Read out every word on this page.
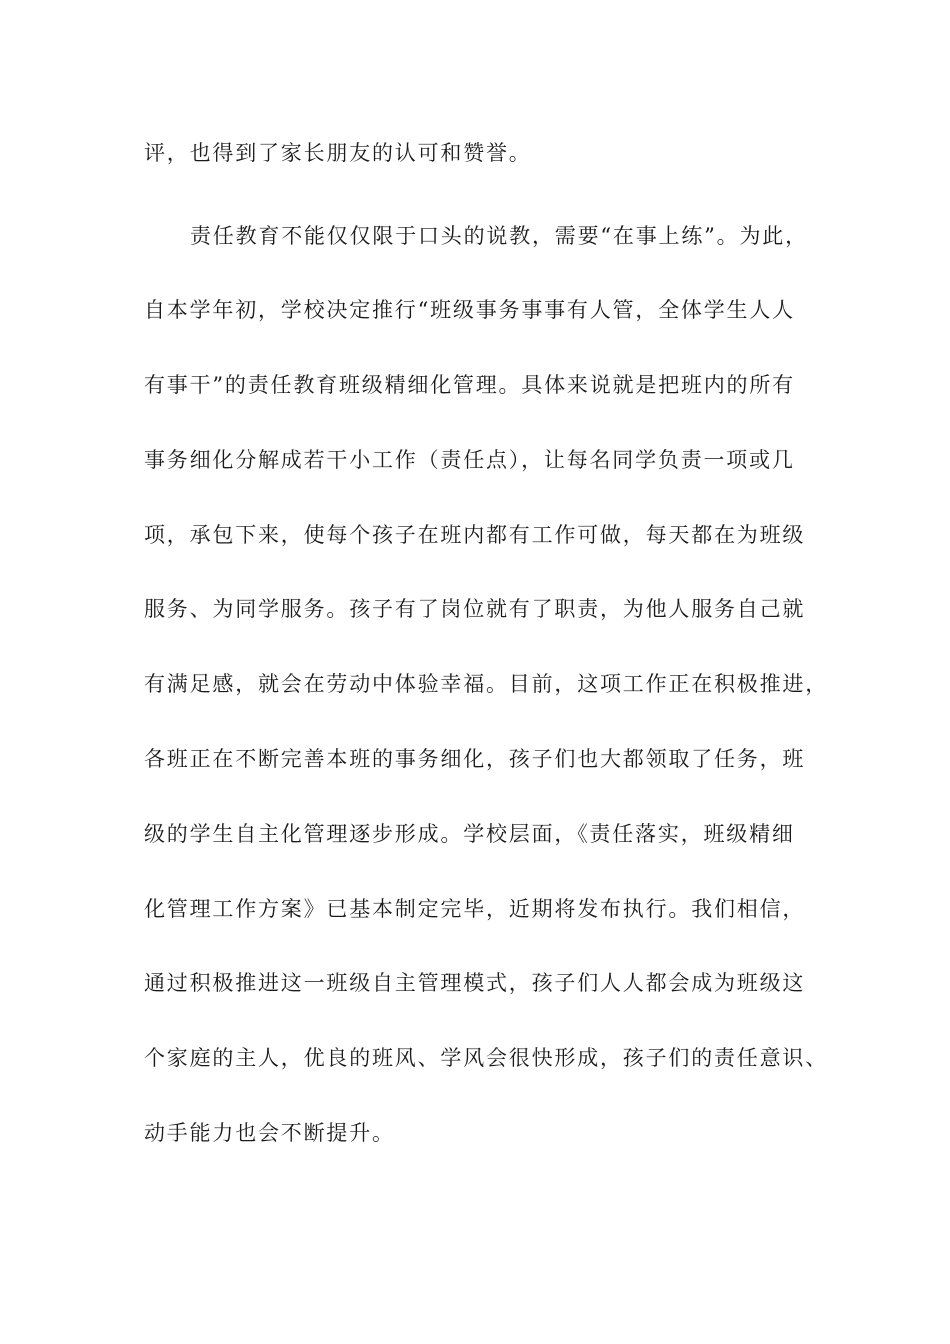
评，也得到了家长朋友的认可和赞誉。
责任教育不能仅仅限于口头的说教，需要“在事上练”。为此，
自本学年初，学校决定推行“班级事务事事有人管，全体学生人人
有事干”的责任教育班级精细化管理。具体来说就是把班内的所有
事务细化分解成若干小工作（责任点），让每名同学负责一项或几
项，承包下来，使每个孩子在班内都有工作可做，每天都在为班级
服务、为同学服务。孩子有了岗位就有了职责，为他人服务自己就
有满足感，就会在劳动中体验幸福。目前，这项工作正在积极推进，
各班正在不断完善本班的事务细化，孩子们也大都领取了任务，班
级的学生自主化管理逐步形成。学校层面，《责任落实，班级精细
化管理工作方案》已基本制定完毕，近期将发布执行。我们相信，
通过积极推进这一班级自主管理模式，孩子们人人都会成为班级这
个家庭的主人，优良的班风、学风会很快形成，孩子们的责任意识、
动手能力也会不断提升。
